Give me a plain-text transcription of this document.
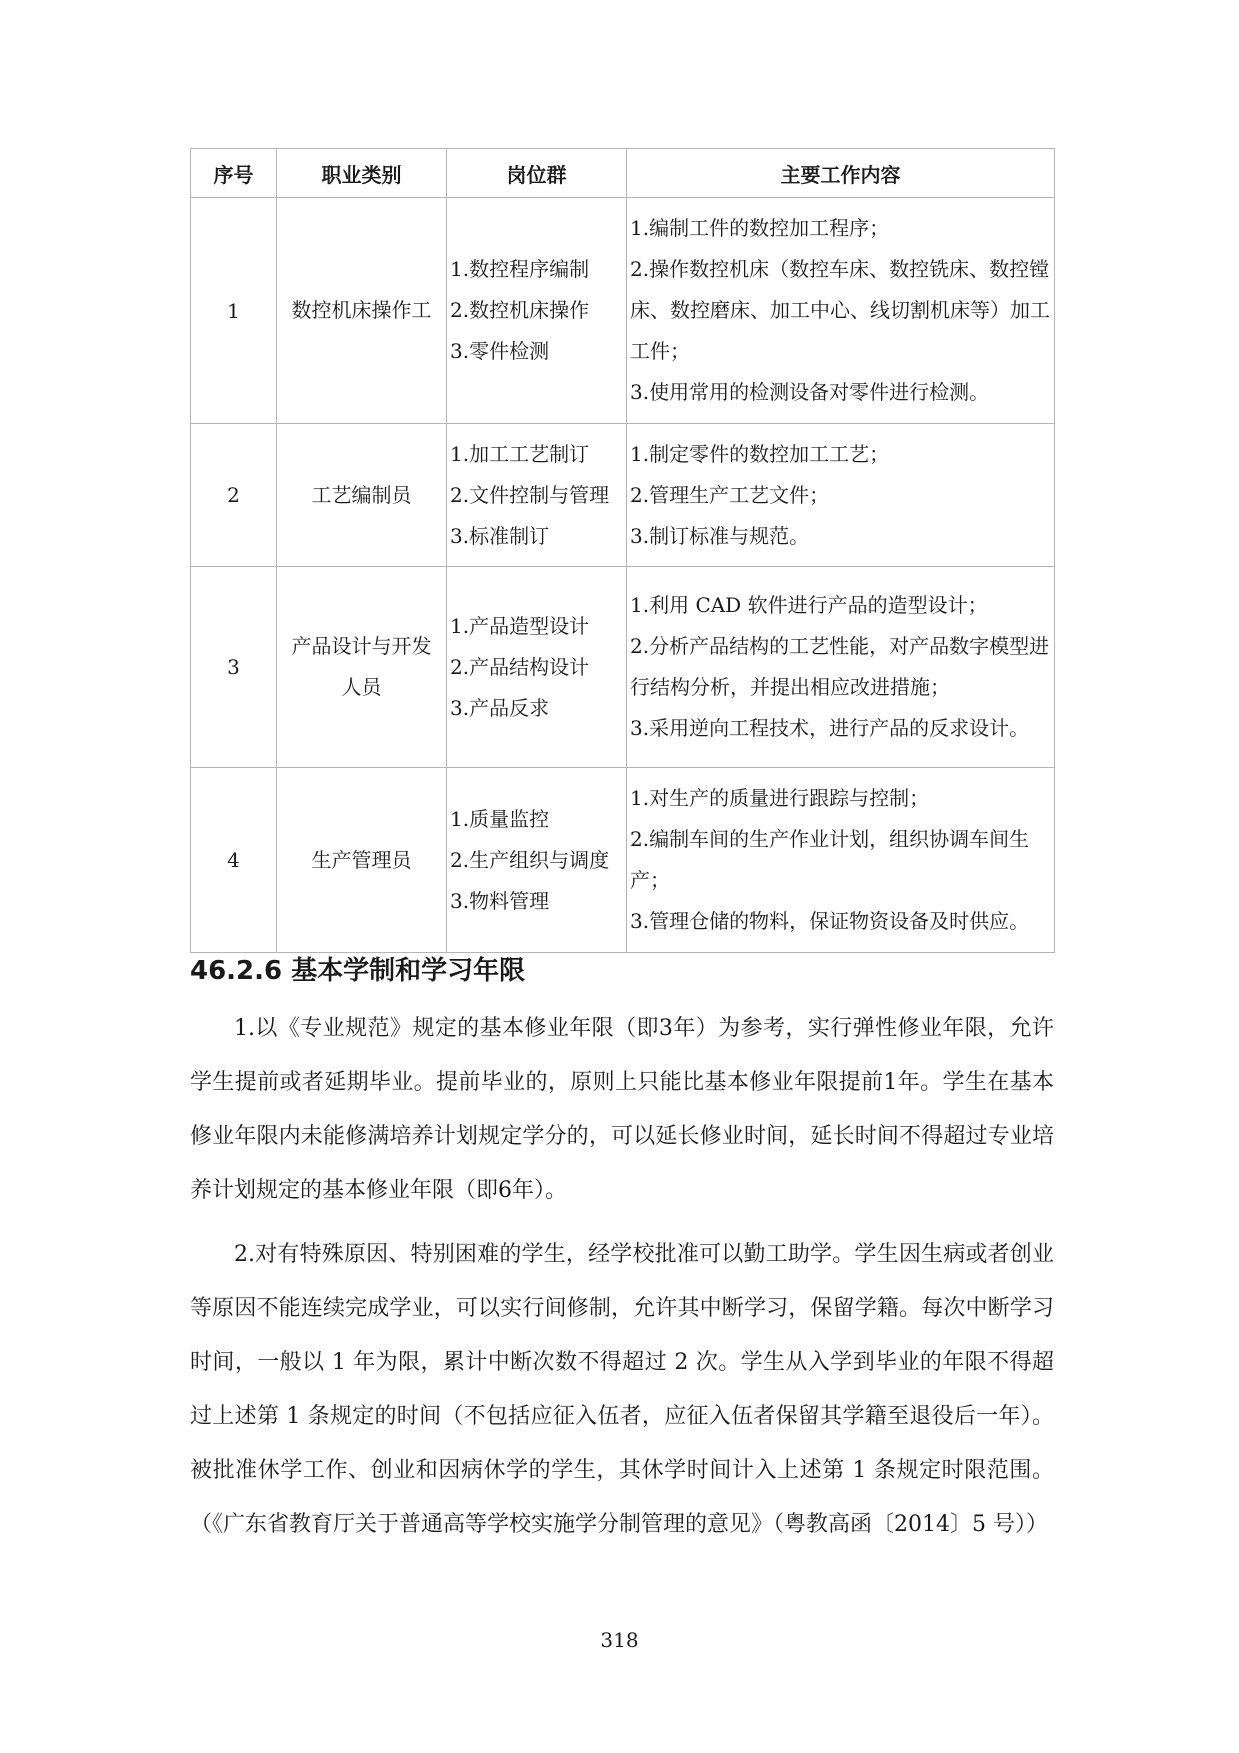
序号	职业类别	岗位群	主要工作内容
1	数控机床操作工	1.数控程序编制
2.数控机床操作
3.零件检测	1.编制工件的数控加工程序；
2.操作数控机床（数控车床、数控铣床、数控镗床、数控磨床、加工中心、线切割机床等）加工工件；
3.使用常用的检测设备对零件进行检测。

2	工艺编制员	1.加工工艺制订
2.文件控制与管理
3.标准制订	1.制定零件的数控加工工艺；
2.管理生产工艺文件；
3.制订标准与规范。

3	产品设计与开发
人员	1.产品造型设计
2.产品结构设计
3.产品反求	1.利用 CAD 软件进行产品的造型设计；
2.分析产品结构的工艺性能，对产品数字模型进行结构分析，并提出相应改进措施；
3.采用逆向工程技术，进行产品的反求设计。

4	生产管理员	1.质量监控
2.生产组织与调度
3.物料管理	1.对生产的质量进行跟踪与控制；
2.编制车间的生产作业计划，组织协调车间生产；
3.管理仓储的物料，保证物资设备及时供应。
46.2.6 基本学制和学习年限

1.以《专业规范》规定的基本修业年限（即3年）为参考，实行弹性修业年限，允许学生提前或者延期毕业。提前毕业的，原则上只能比基本修业年限提前1年。学生在基本修业年限内未能修满培养计划规定学分的，可以延长修业时间，延长时间不得超过专业培养计划规定的基本修业年限（即6年）。

2.对有特殊原因、特别困难的学生，经学校批准可以勤工助学。学生因生病或者创业等原因不能连续完成学业，可以实行间修制，允许其中断学习，保留学籍。每次中断学习时间，一般以 1 年为限，累计中断次数不得超过 2 次。学生从入学到毕业的年限不得超过上述第 1 条规定的时间（不包括应征入伍者，应征入伍者保留其学籍至退役后一年）。被批准休学工作、创业和因病休学的学生，其休学时间计入上述第 1 条规定时限范围。（《广东省教育厅关于普通高等学校实施学分制管理的意见》（粤教高函〔2014〕5 号））

318
